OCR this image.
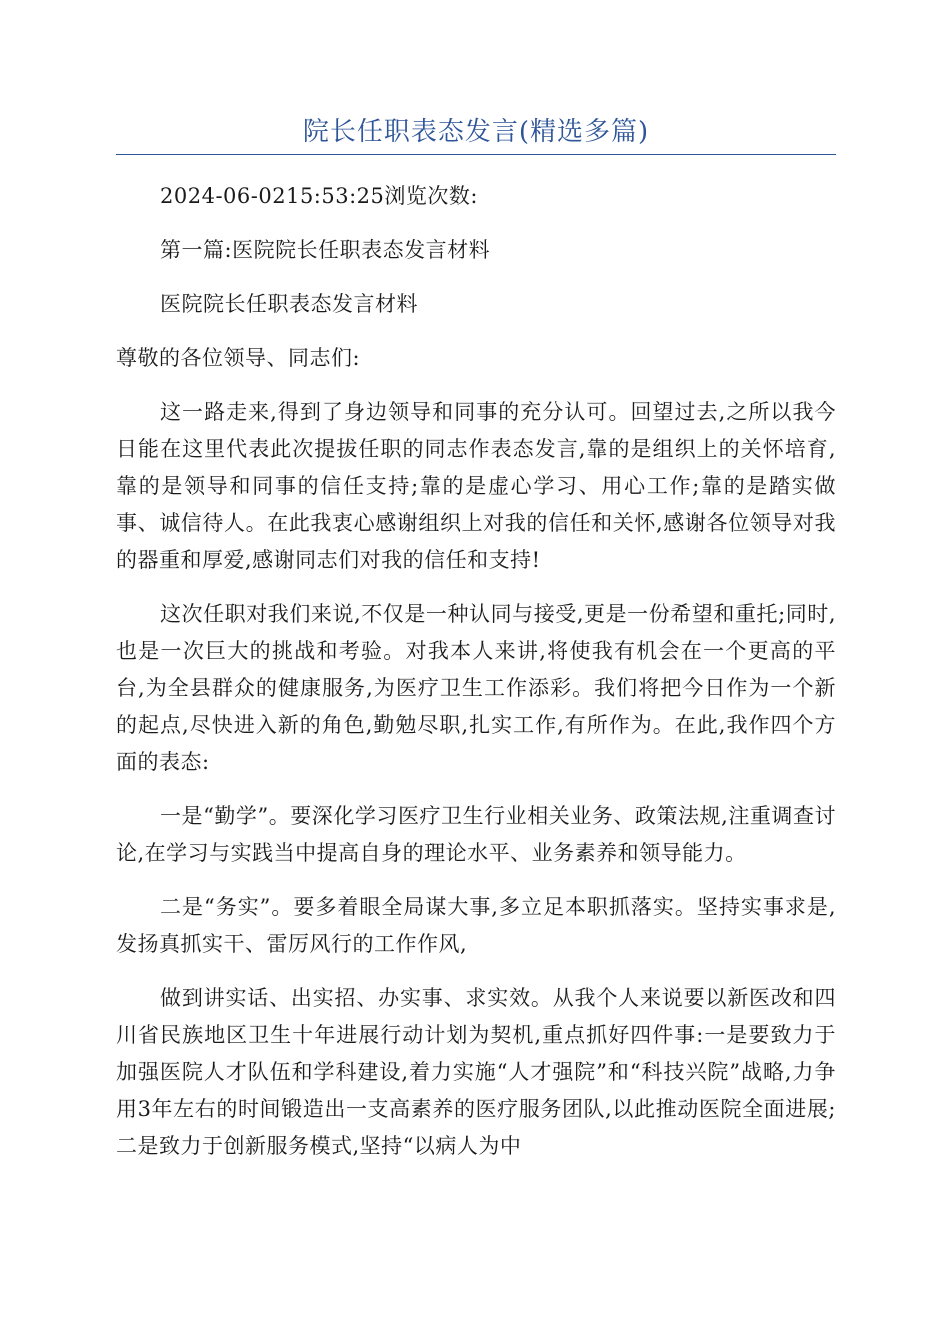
院长任职表态发言(精选多篇)

2024-06-0215:53:25浏览次数:

第一篇:医院院长任职表态发言材料

医院院长任职表态发言材料

尊敬的各位领导、同志们:

这一路走来,得到了身边领导和同事的充分认可。回望过去,之所以我今日能在这里代表此次提拔任职的同志作表态发言,靠的是组织上的关怀培育,靠的是领导和同事的信任支持;靠的是虚心学习、用心工作;靠的是踏实做事、诚信待人。在此我衷心感谢组织上对我的信任和关怀,感谢各位领导对我的器重和厚爱,感谢同志们对我的信任和支持!

这次任职对我们来说,不仅是一种认同与接受,更是一份希望和重托;同时,也是一次巨大的挑战和考验。对我本人来讲,将使我有机会在一个更高的平台,为全县群众的健康服务,为医疗卫生工作添彩。我们将把今日作为一个新的起点,尽快进入新的角色,勤勉尽职,扎实工作,有所作为。在此,我作四个方面的表态:

一是“勤学”。要深化学习医疗卫生行业相关业务、政策法规,注重调查讨论,在学习与实践当中提高自身的理论水平、业务素养和领导能力。

二是“务实”。要多着眼全局谋大事,多立足本职抓落实。坚持实事求是,发扬真抓实干、雷厉风行的工作作风,

做到讲实话、出实招、办实事、求实效。从我个人来说要以新医改和四川省民族地区卫生十年进展行动计划为契机,重点抓好四件事:一是要致力于加强医院人才队伍和学科建设,着力实施“人才强院”和“科技兴院”战略,力争用3年左右的时间锻造出一支高素养的医疗服务团队,以此推动医院全面进展;二是致力于创新服务模式,坚持“以病人为中
